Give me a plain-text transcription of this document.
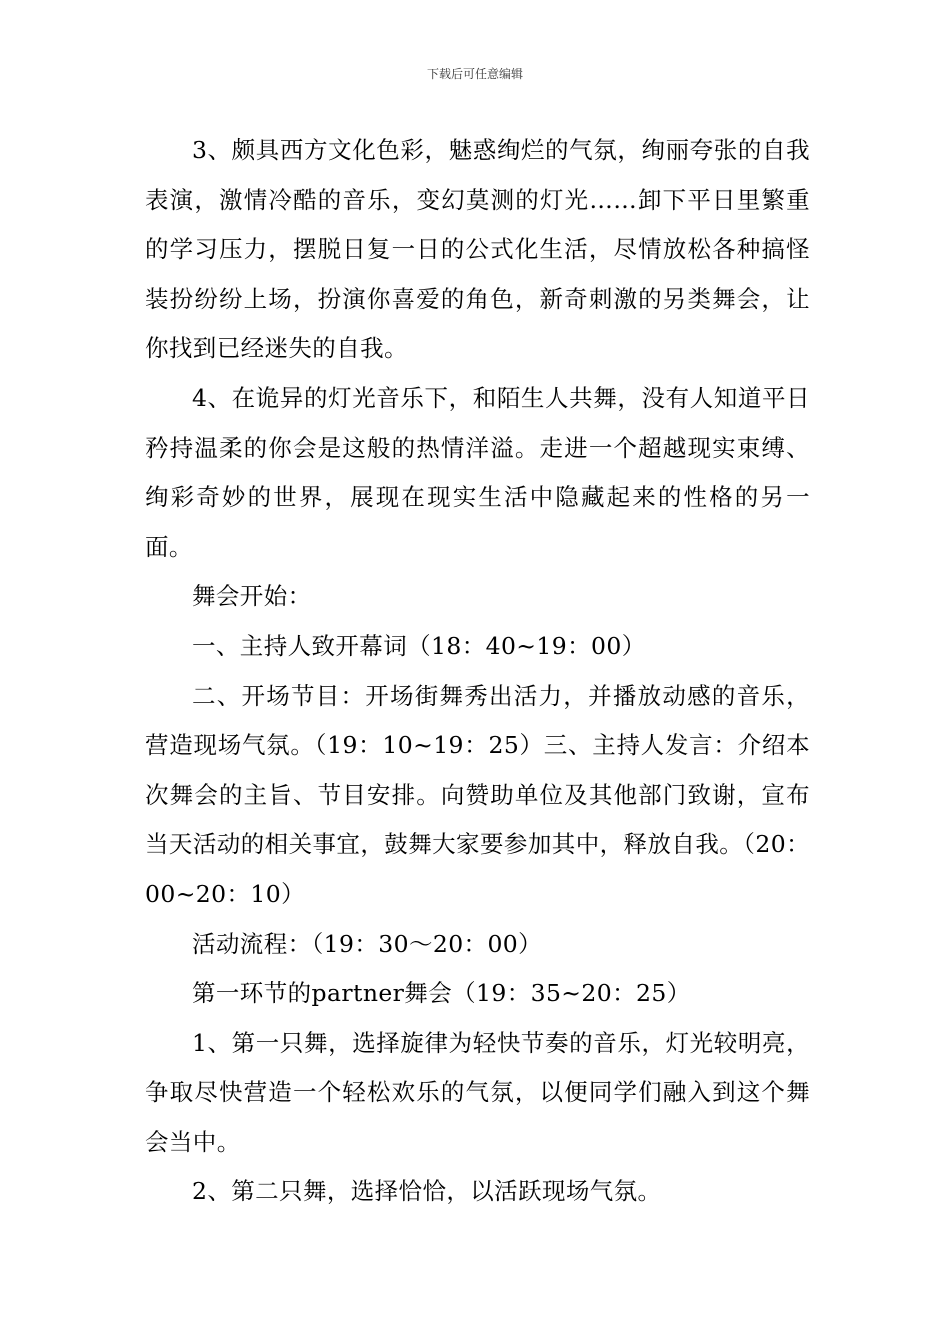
下载后可任意编辑

3、颇具西方文化色彩，魅惑绚烂的气氛，绚丽夸张的自我表演，激情冷酷的音乐，变幻莫测的灯光……卸下平日里繁重的学习压力，摆脱日复一日的公式化生活，尽情放松各种搞怪装扮纷纷上场，扮演你喜爱的角色，新奇刺激的另类舞会，让你找到已经迷失的自我。

4、在诡异的灯光音乐下，和陌生人共舞，没有人知道平日矜持温柔的你会是这般的热情洋溢。走进一个超越现实束缚、绚彩奇妙的世界，展现在现实生活中隐藏起来的性格的另一面。

舞会开始：

一、主持人致开幕词（18：40~19：00）

二、开场节目：开场街舞秀出活力，并播放动感的音乐，营造现场气氛。（19：10~19：25）三、主持人发言：介绍本次舞会的主旨、节目安排。向赞助单位及其他部门致谢，宣布当天活动的相关事宜，鼓舞大家要参加其中，释放自我。（20：00~20：10）

活动流程：（19：30～20：00）

第一环节的partner舞会（19：35~20：25）

1、第一只舞，选择旋律为轻快节奏的音乐，灯光较明亮，争取尽快营造一个轻松欢乐的气氛，以便同学们融入到这个舞会当中。

2、第二只舞，选择恰恰，以活跃现场气氛。
